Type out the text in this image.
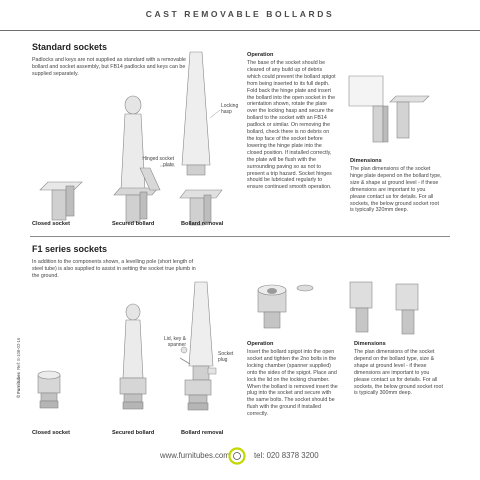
CAST REMOVABLE BOLLARDS
Standard sockets
Padlocks and keys are not supplied as standard with a removable bollard and socket assembly, but FB14 padlocks and keys can be supplied separately.
Locking hasp
Hinged socket plate
Closed socket	Secured bollard	Bollard removal
Operation
The base of the socket should be cleared of any build up of debris which could prevent the bollard spigot from being inserted to its full depth. Fold back the hinge plate and insert the bollard into the open socket in the orientation shown, rotate the plate over the locking hasp and secure the bollard to the socket with an FB14 padlock or similar. On removing the bollard, check there is no debris on the top face of the socket before lowering the hinge plate into the closed position. If installed correctly, the plate will be flush with the surrounding paving so as not to present a trip hazard. Socket hinges should be lubricated regularly to ensure continued smooth operation.
Dimensions
The plan dimensions of the socket hinge plate depend on the bollard type, size & shape at ground level - if these dimensions are important to you please contact us for details. For all sockets, the below ground socket root is typically 320mm deep.
F1 series sockets
In addition to the components shown, a levelling pole (short length of steel tube) is also supplied to assist in setting the socket true plumb in the ground.
Lid, key & spanner
Socket plug
Closed socket	Secured bollard	Bollard removal
Operation
Insert the bollard spigot into the open socket and tighten the 2no bolts in the locking chamber (spanner supplied) onto the sides of the spigot. Place and lock the lid on the locking chamber. When the bollard is removed insert the plug into the socket and secure with the same bolts. The socket should be flush with the ground if installed correctly.
Dimensions
The plan dimensions of the socket depend on the bollard type, size & shape at ground level - if these dimensions are important to you please contact us for details. For all sockets, the below ground socket root is typically 300mm deep.
© Furnitubes  Ref: S-108-02-16
www.furnitubes.com	tel: 020 8378 3200
